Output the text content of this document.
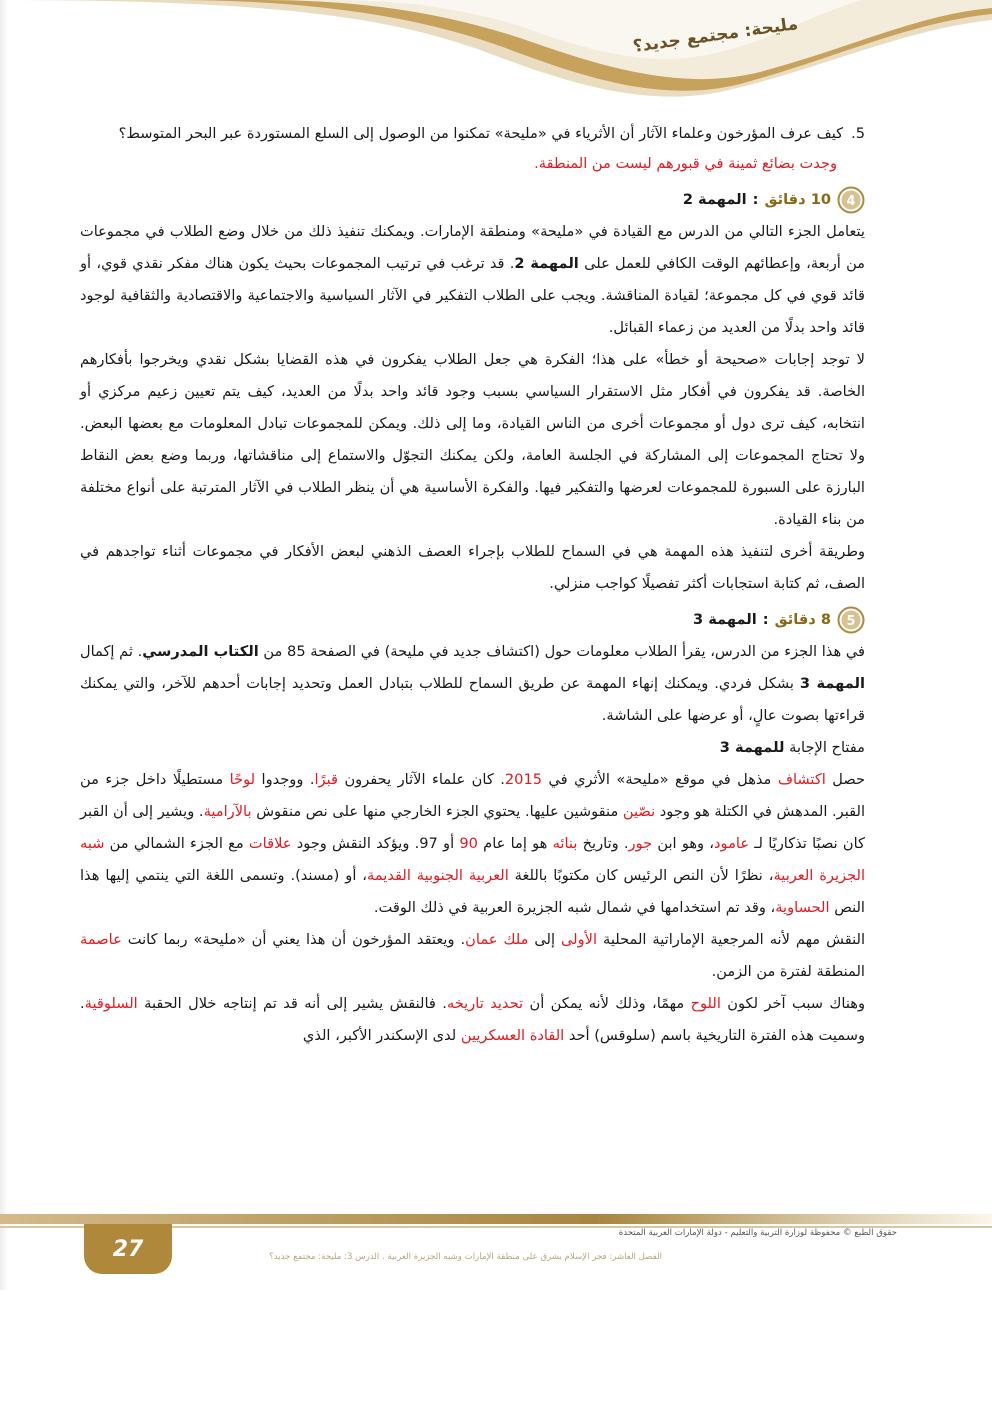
مليحة: مجتمع جديد؟
5.
كيف عرف المؤرخون وعلماء الآثار أن الأثرياء في «مليحة» تمكنوا من الوصول إلى السلع المستوردة عبر البحر المتوسط؟
وجدت بضائع ثمينة في قبورهم ليست من المنطقة.
4
10 دقائق
:
المهمة 2

يتعامل الجزء التالي من الدرس مع القيادة في «مليحة» ومنطقة الإمارات. ويمكنك تنفيذ ذلك من خلال وضع الطلاب في مجموعات من أربعة، وإعطائهم الوقت الكافي للعمل على المهمة 2. قد ترغب في ترتيب المجموعات بحيث يكون هناك مفكر نقدي قوي، أو قائد قوي في كل مجموعة؛ لقيادة المناقشة. ويجب على الطلاب التفكير في الآثار السياسية والاجتماعية والاقتصادية والثقافية لوجود قائد واحد بدلًا من العديد من زعماء القبائل.

لا توجد إجابات «صحيحة أو خطأ» على هذا؛ الفكرة هي جعل الطلاب يفكرون في هذه القضايا بشكل نقدي ويخرجوا بأفكارهم الخاصة. قد يفكرون في أفكار مثل الاستقرار السياسي بسبب وجود قائد واحد بدلًا من العديد، كيف يتم تعيين زعيم مركزي أو انتخابه، كيف ترى دول أو مجموعات أخرى من الناس القيادة، وما إلى ذلك. ويمكن للمجموعات تبادل المعلومات مع بعضها البعض. ولا تحتاج المجموعات إلى المشاركة في الجلسة العامة، ولكن يمكنك التجوّل والاستماع إلى مناقشاتها، وربما وضع بعض النقاط البارزة على السبورة للمجموعات لعرضها والتفكير فيها. والفكرة الأساسية هي أن ينظر الطلاب في الآثار المترتبة على أنواع مختلفة من بناء القيادة.

وطريقة أخرى لتنفيذ هذه المهمة هي في السماح للطلاب بإجراء العصف الذهني لبعض الأفكار في مجموعات أثناء تواجدهم في الصف، ثم كتابة استجابات أكثر تفصيلًا كواجب منزلي.

5
8 دقائق
:
المهمة 3

في هذا الجزء من الدرس، يقرأ الطلاب معلومات حول (اكتشاف جديد في مليحة) في الصفحة 85 من الكتاب المدرسي. ثم إكمال المهمة 3 بشكل فردي. ويمكنك إنهاء المهمة عن طريق السماح للطلاب بتبادل العمل وتحديد إجابات أحدهم للآخر، والتي يمكنك قراءتها بصوت عالٍ، أو عرضها على الشاشة.

مفتاح الإجابة للمهمة 3

حصل اكتشاف مذهل في موقع «مليحة» الأثري في 2015. كان علماء الآثار يحفرون قبرًا. ووجدوا لوحًا مستطيلًا داخل جزء من القبر. المدهش في الكتلة هو وجود نصّين منقوشين عليها. يحتوي الجزء الخارجي منها على نص منقوش بالآرامية. ويشير إلى أن القبر كان نصبًا تذكاريًا لـ عامود، وهو ابن جور. وتاريخ بنائه هو إما عام 90 أو 97. ويؤكد النقش وجود علاقات مع الجزء الشمالي من شبه الجزيرة العربية، نظرًا لأن النص الرئيس كان مكتوبًا باللغة العربية الجنوبية القديمة، أو (مسند). وتسمى اللغة التي ينتمي إليها هذا النص الحساوية، وقد تم استخدامها في شمال شبه الجزيرة العربية في ذلك الوقت.

النقش مهم لأنه المرجعية الإماراتية المحلية الأولى إلى ملك عمان. ويعتقد المؤرخون أن هذا يعني أن «مليحة» ربما كانت عاصمة المنطقة لفترة من الزمن.

وهناك سبب آخر لكون اللوح مهمًا، وذلك لأنه يمكن أن تحديد تاريخه. فالنقش يشير إلى أنه قد تم إنتاجه خلال الحقبة السلوقية. وسميت هذه الفترة التاريخية باسم (سلوقس) أحد القادة العسكريين لدى الإسكندر الأكبر، الذي

27
حقوق الطبع © محفوظة لوزارة التربية والتعليم - دولة الإمارات العربية المتحدة
الفصل العاشر: فجر الإسلام يشرق على منطقة الإمارات وشبه الجزيرة العربية . الدرس 3: مليحة: مجتمع جديد؟
